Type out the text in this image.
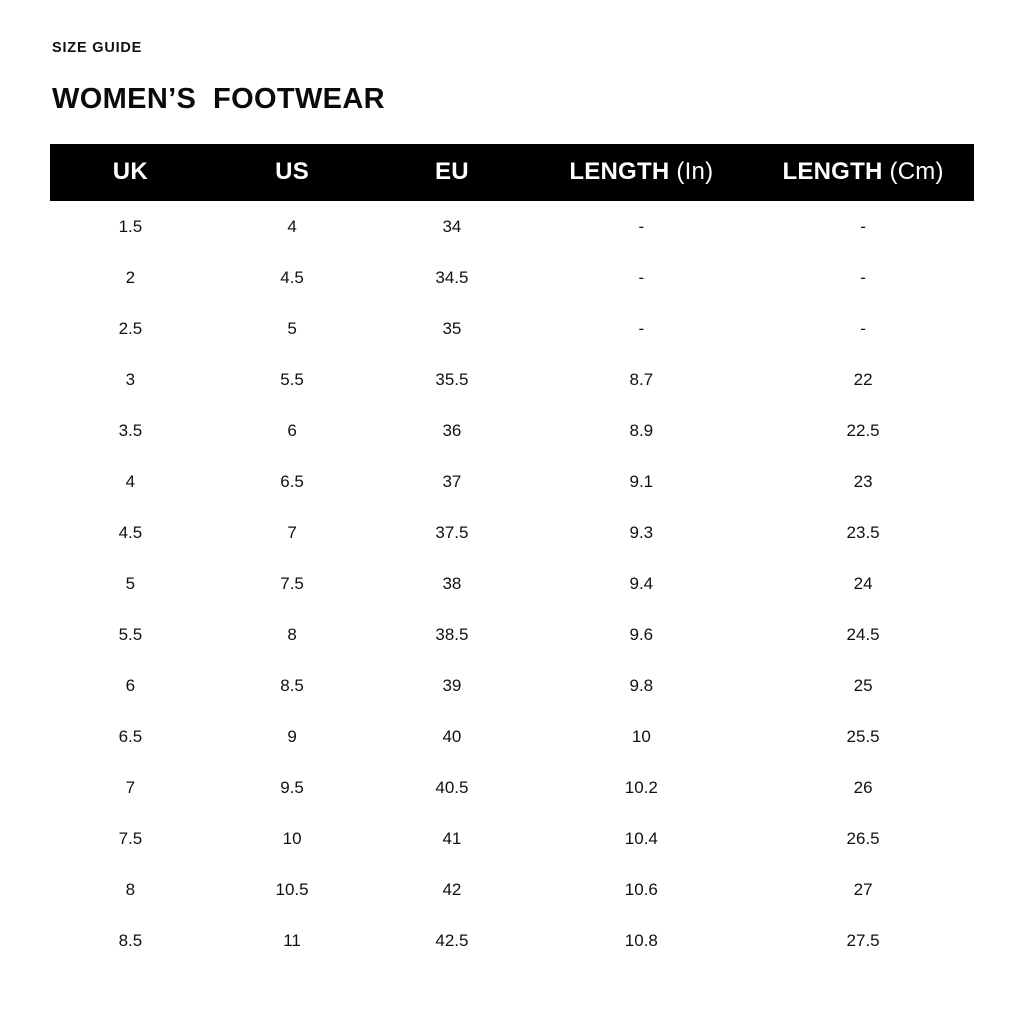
SIZE GUIDE
WOMEN’S  FOOTWEAR
UK	US	EU	LENGTH (In)	LENGTH (Cm)
1.5	4	34	-	-
2	4.5	34.5	-	-
2.5	5	35	-	-
3	5.5	35.5	8.7	22
3.5	6	36	8.9	22.5
4	6.5	37	9.1	23
4.5	7	37.5	9.3	23.5
5	7.5	38	9.4	24
5.5	8	38.5	9.6	24.5
6	8.5	39	9.8	25
6.5	9	40	10	25.5
7	9.5	40.5	10.2	26
7.5	10	41	10.4	26.5
8	10.5	42	10.6	27
8.5	11	42.5	10.8	27.5
